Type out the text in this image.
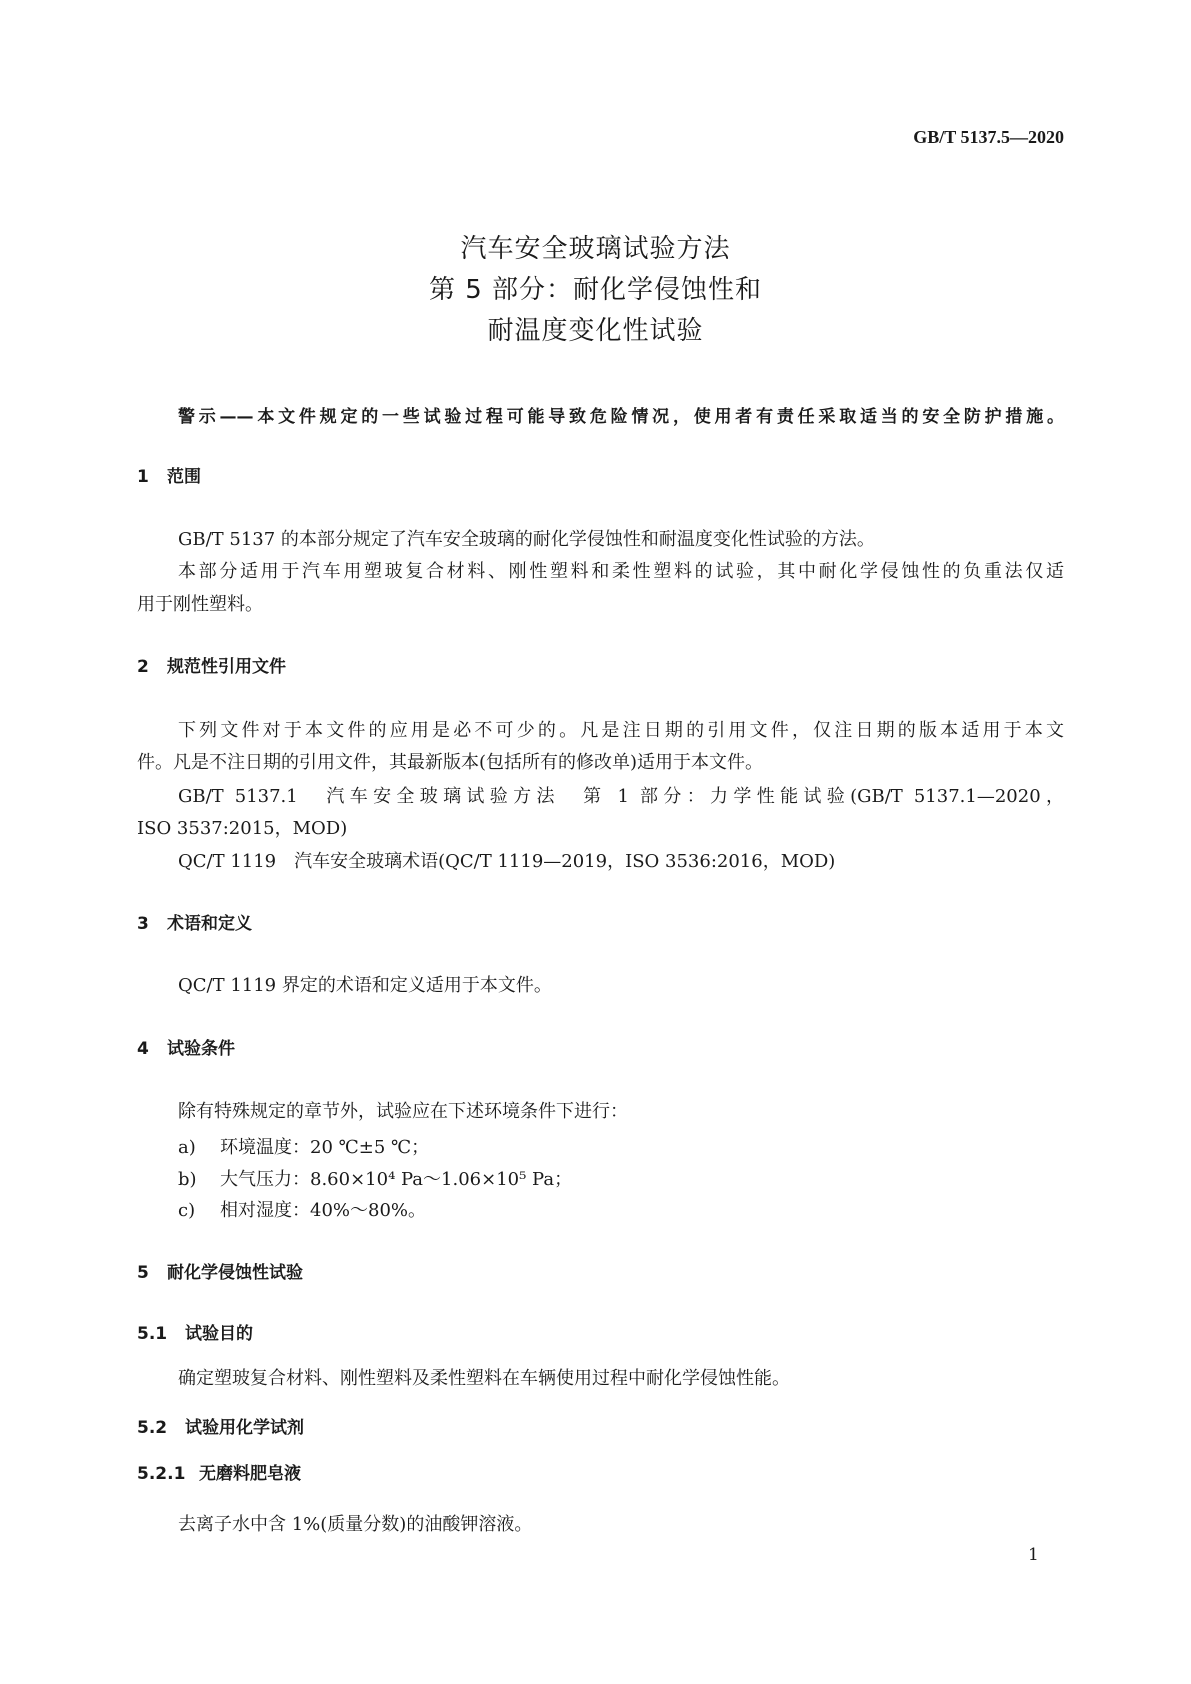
GB/T 5137.5—2020
汽车安全玻璃试验方法
第 5 部分：耐化学侵蚀性和
耐温度变化性试验
警示——本文件规定的一些试验过程可能导致危险情况，使用者有责任采取适当的安全防护措施。
1 范围
GB/T 5137 的本部分规定了汽车安全玻璃的耐化学侵蚀性和耐温度变化性试验的方法。
本部分适用于汽车用塑玻复合材料、刚性塑料和柔性塑料的试验，其中耐化学侵蚀性的负重法仅适
用于刚性塑料。
2 规范性引用文件
下列文件对于本文件的应用是必不可少的。凡是注日期的引用文件，仅注日期的版本适用于本文
件。凡是不注日期的引用文件，其最新版本(包括所有的修改单)适用于本文件。
GB/T 5137.1　汽车安全玻璃试验方法　第 1 部分：力学性能试验(GB/T 5137.1—2020，
ISO 3537:2015，MOD)
QC/T 1119　汽车安全玻璃术语(QC/T 1119—2019，ISO 3536:2016，MOD)
3 术语和定义
QC/T 1119 界定的术语和定义适用于本文件。
4 试验条件
除有特殊规定的章节外，试验应在下述环境条件下进行：
a) 环境温度：20 ℃±5 ℃；
b) 大气压力：8.60×10⁴ Pa～1.06×10⁵ Pa；
c) 相对湿度：40%～80%。
5 耐化学侵蚀性试验
5.1 试验目的
确定塑玻复合材料、刚性塑料及柔性塑料在车辆使用过程中耐化学侵蚀性能。
5.2 试验用化学试剂
5.2.1 无磨料肥皂液
去离子水中含 1%(质量分数)的油酸钾溶液。
1
